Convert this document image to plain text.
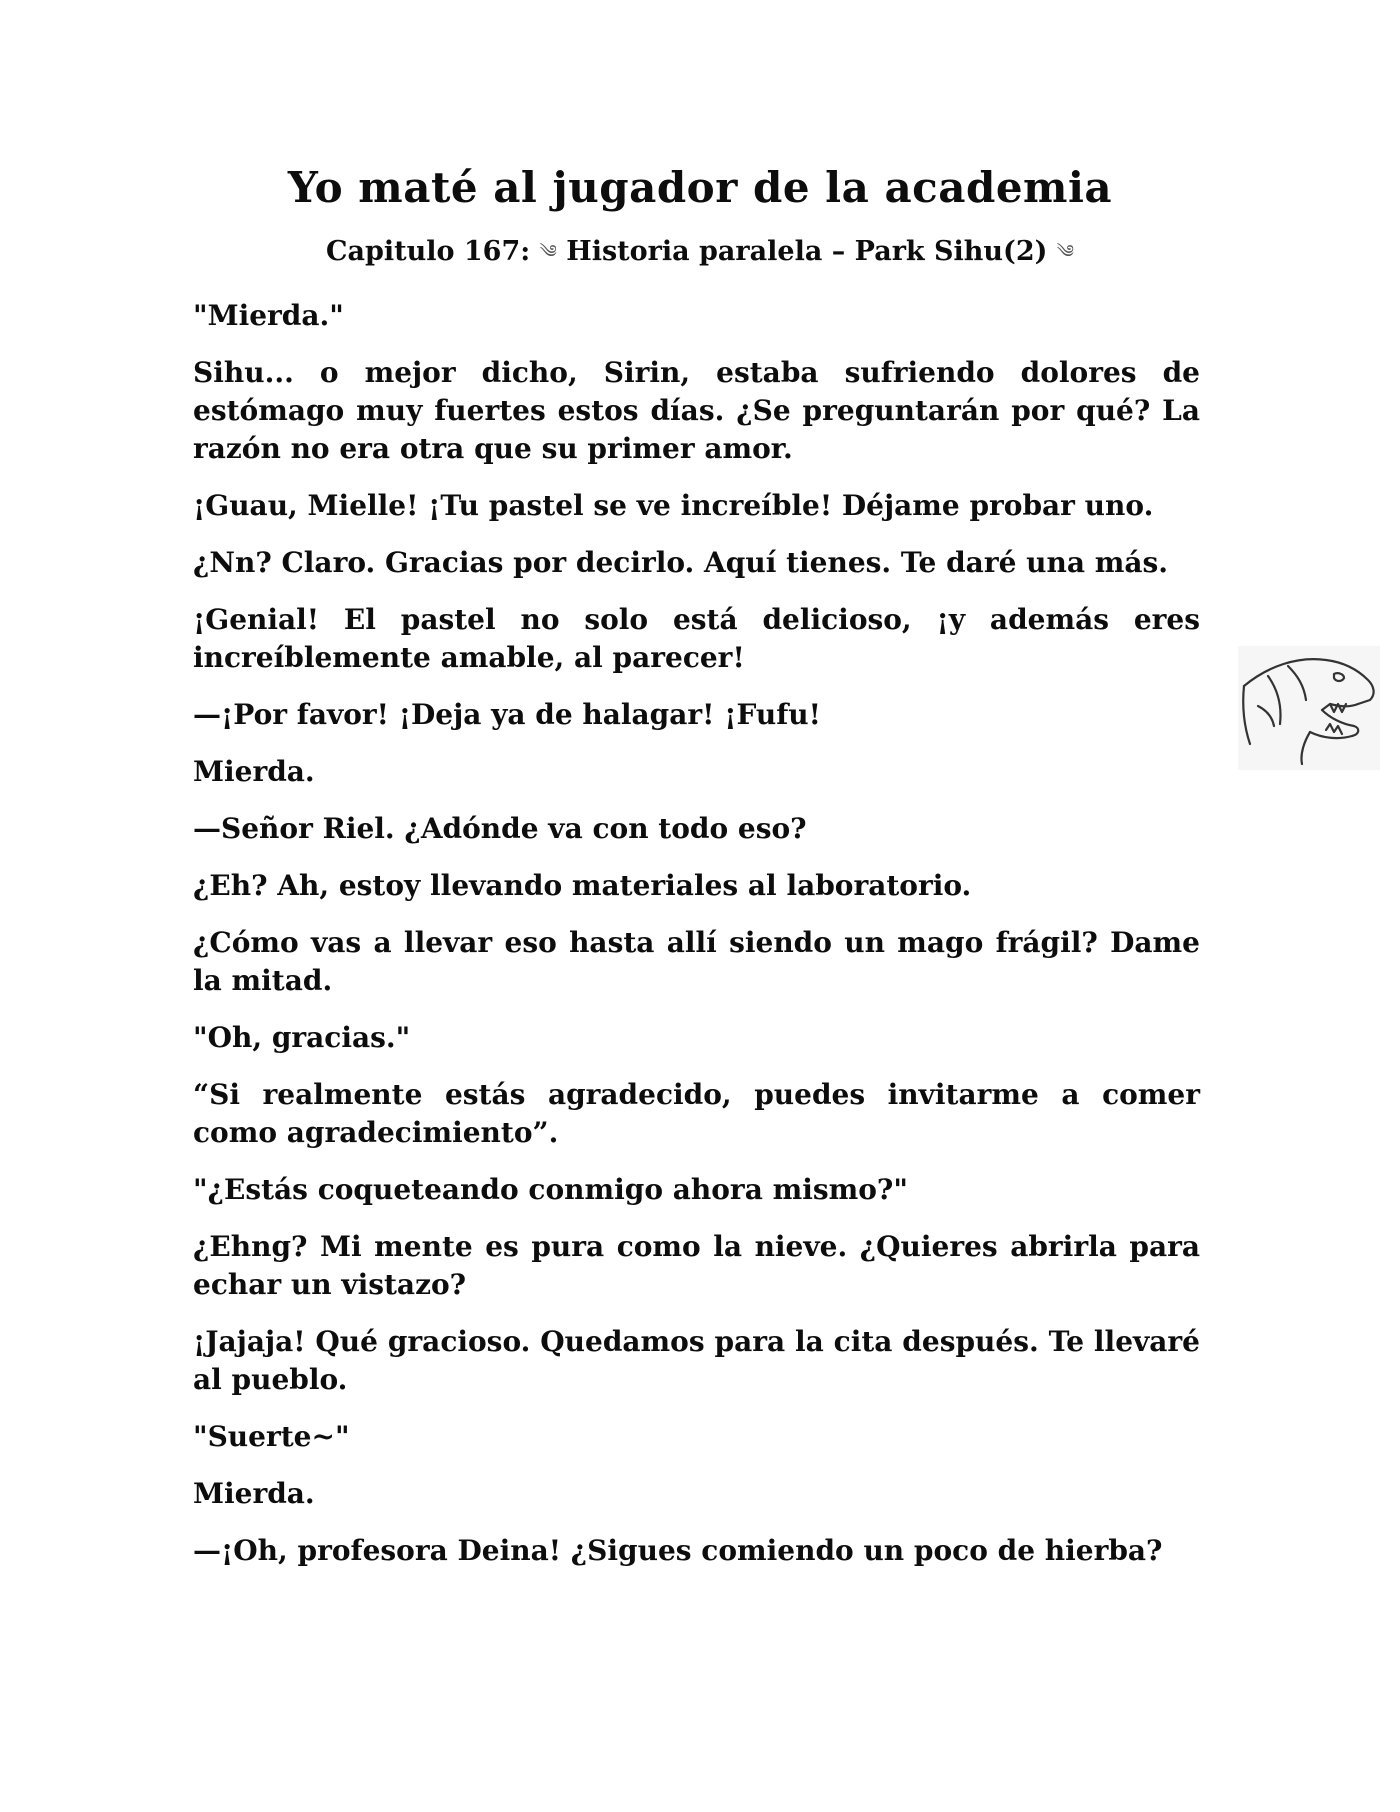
Yo maté al jugador de la academia
Capitulo 167: ༄ Historia paralela – Park Sihu(2) ༄

"Mierda."

Sihu... o mejor dicho, Sirin, estaba sufriendo dolores de estómago muy fuertes estos días. ¿Se preguntarán por qué? La razón no era otra que su primer amor.

¡Guau, Mielle! ¡Tu pastel se ve increíble! Déjame probar uno.

¿Nn? Claro. Gracias por decirlo. Aquí tienes. Te daré una más.

¡Genial! El pastel no solo está delicioso, ¡y además eres increíblemente amable, al parecer!

—¡Por favor! ¡Deja ya de halagar! ¡Fufu!

Mierda.

—Señor Riel. ¿Adónde va con todo eso?

¿Eh? Ah, estoy llevando materiales al laboratorio.

¿Cómo vas a llevar eso hasta allí siendo un mago frágil? Dame la mitad.

"Oh, gracias."

“Si realmente estás agradecido, puedes invitarme a comer como agradecimiento”.

"¿Estás coqueteando conmigo ahora mismo?"

¿Ehng? Mi mente es pura como la nieve. ¿Quieres abrirla para echar un vistazo?

¡Jajaja! Qué gracioso. Quedamos para la cita después. Te llevaré al pueblo.

"Suerte~"

Mierda.

—¡Oh, profesora Deina! ¿Sigues comiendo un poco de hierba?
